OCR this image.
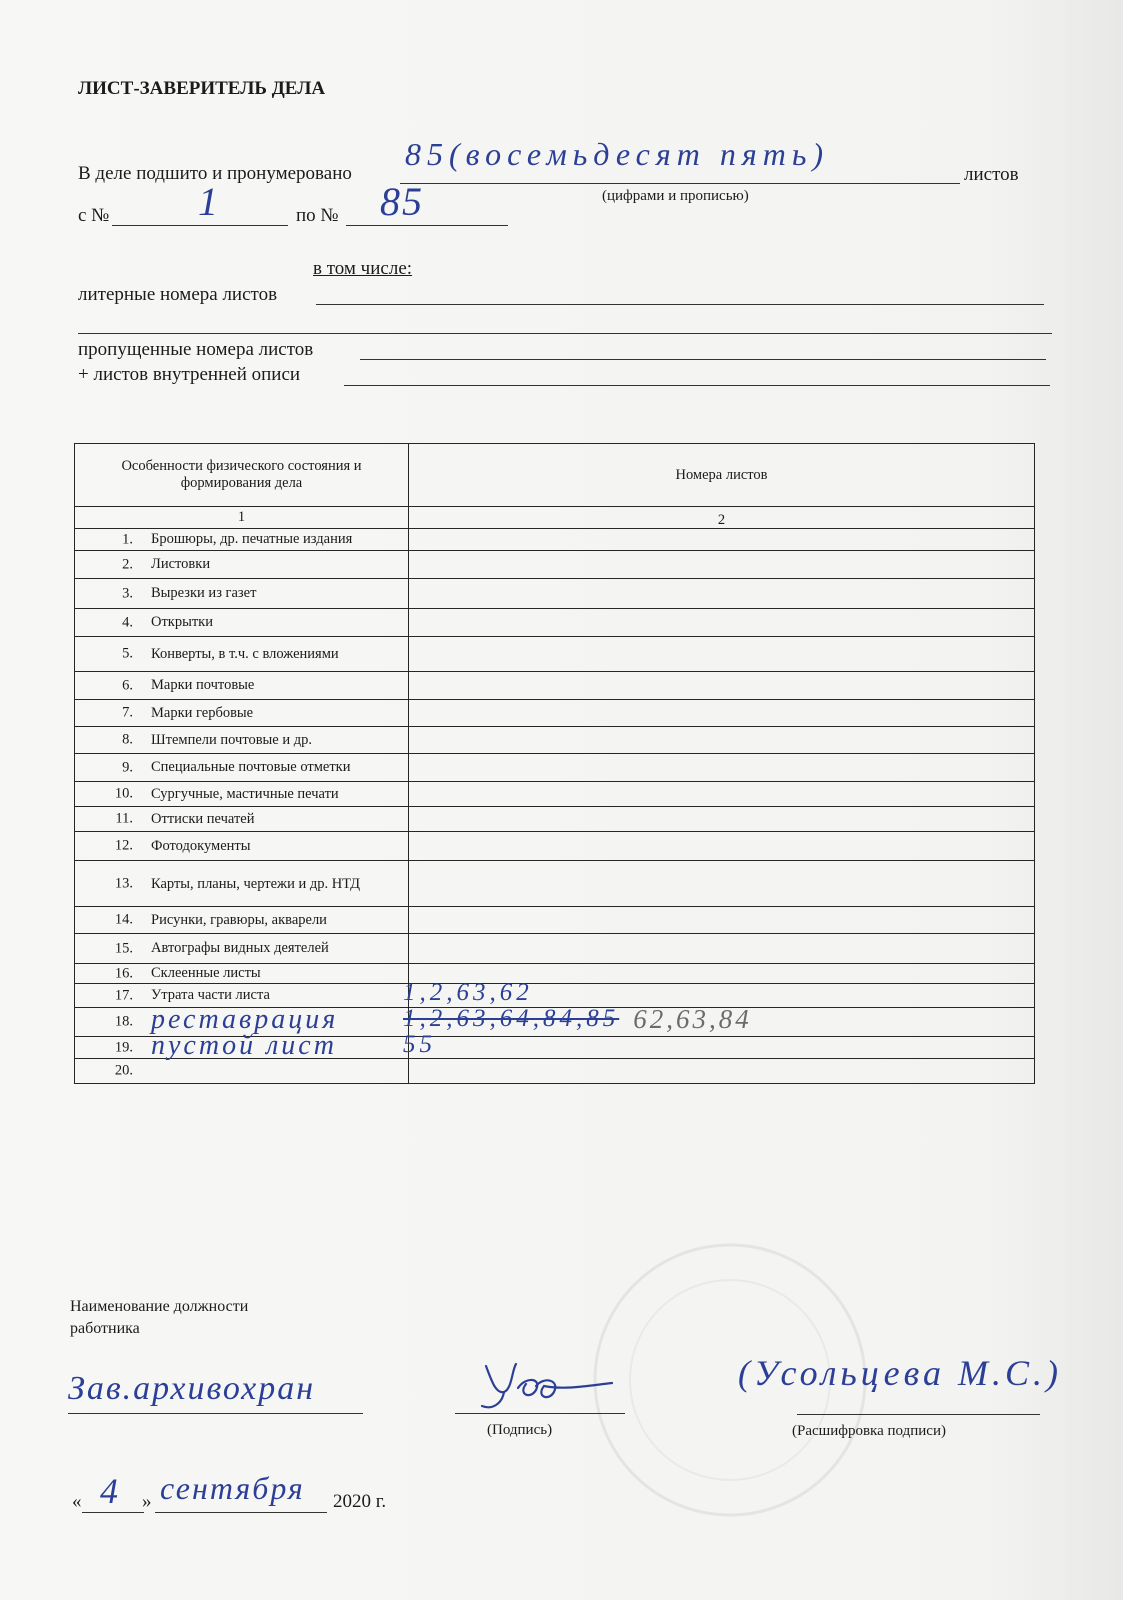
ЛИСТ-ЗАВЕРИТЕЛЬ ДЕЛА
В деле подшито и пронумеровано
85(восемьдесят пять)
листов
(цифрами и прописью)
с № 1	по № 85
в том числе:
литерные номера листов
пропущенные номера листов
+ листов внутренней описи
Особенности физического состояния и формирования дела
Номера листов
1	2
1. Брошюры, др. печатные издания
2. Листовки
3. Вырезки из газет
4. Открытки
5. Конверты, в т.ч. с вложениями
6. Марки почтовые
7. Марки гербовые
8. Штемпели почтовые и др.
9. Специальные почтовые отметки
10. Сургучные, мастичные печати
11. Оттиски печатей
12. Фотодокументы
13. Карты, планы, чертежи и др. НТД
14. Рисунки, гравюры, акварели
15. Автографы видных деятелей
16. Склеенные листы
17. Утрата части листа	1,2,63,62
18. реставрация	1,2,63,64,84,85 62,63,84
19. пустой лист	55
20.
Наименование должности работника
Зав.архивохран
(Подпись)
(Усольцева М.С.)
(Расшифровка подписи)
« 4 » сентября 2020 г.
